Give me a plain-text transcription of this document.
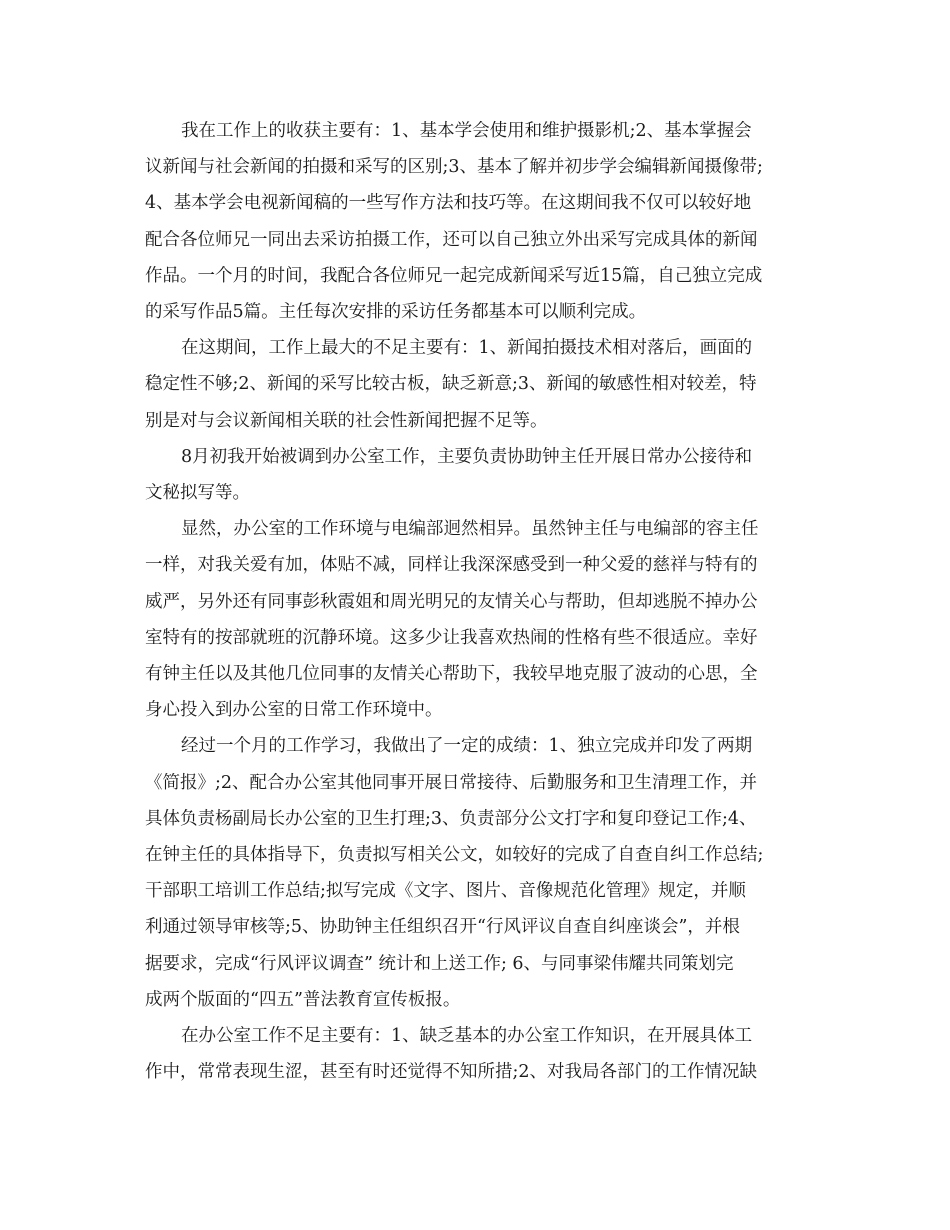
我在工作上的收获主要有：1、基本学会使用和维护摄影机;2、基本掌握会
议新闻与社会新闻的拍摄和采写的区别;3、基本了解并初步学会编辑新闻摄像带;
4、基本学会电视新闻稿的一些写作方法和技巧等。在这期间我不仅可以较好地
配合各位师兄一同出去采访拍摄工作，还可以自己独立外出采写完成具体的新闻
作品。一个月的时间，我配合各位师兄一起完成新闻采写近15篇，自己独立完成
的采写作品5篇。主任每次安排的采访任务都基本可以顺利完成。

在这期间，工作上最大的不足主要有：1、新闻拍摄技术相对落后，画面的
稳定性不够;2、新闻的采写比较古板，缺乏新意;3、新闻的敏感性相对较差，特
别是对与会议新闻相关联的社会性新闻把握不足等。

8月初我开始被调到办公室工作，主要负责协助钟主任开展日常办公接待和
文秘拟写等。

显然，办公室的工作环境与电编部迥然相异。虽然钟主任与电编部的容主任
一样，对我关爱有加，体贴不减，同样让我深深感受到一种父爱的慈祥与特有的
威严，另外还有同事彭秋霞姐和周光明兄的友情关心与帮助，但却逃脱不掉办公
室特有的按部就班的沉静环境。这多少让我喜欢热闹的性格有些不很适应。幸好
有钟主任以及其他几位同事的友情关心帮助下，我较早地克服了波动的心思，全
身心投入到办公室的日常工作环境中。

经过一个月的工作学习，我做出了一定的成绩：1、独立完成并印发了两期
《简报》;2、配合办公室其他同事开展日常接待、后勤服务和卫生清理工作，并
具体负责杨副局长办公室的卫生打理;3、负责部分公文打字和复印登记工作;4、
在钟主任的具体指导下，负责拟写相关公文，如较好的完成了自查自纠工作总结;
干部职工培训工作总结;拟写完成《文字、图片、音像规范化管理》规定，并顺
利通过领导审核等;5、协助钟主任组织召开“行风评议自查自纠座谈会”，并根
据要求，完成“行风评议调查” 统计和上送工作; 6、与同事梁伟耀共同策划完
成两个版面的“四五”普法教育宣传板报。

在办公室工作不足主要有：1、缺乏基本的办公室工作知识，在开展具体工
作中，常常表现生涩，甚至有时还觉得不知所措;2、对我局各部门的工作情况缺
